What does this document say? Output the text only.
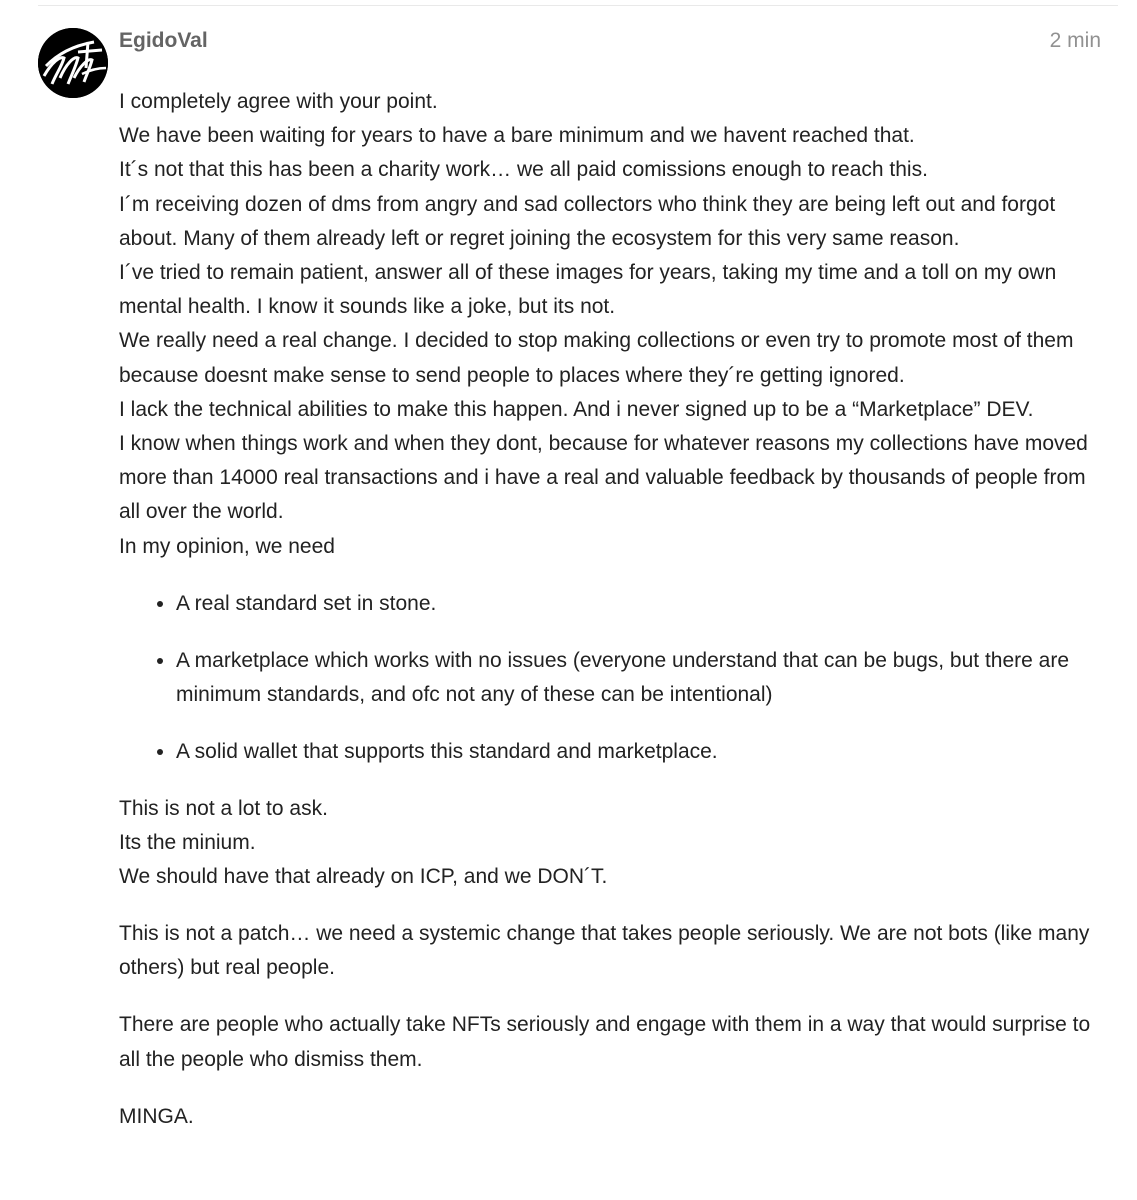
EgidoVal	2 min

I completely agree with your point.
We have been waiting for years to have a bare minimum and we havent reached that.
It´s not that this has been a charity work… we all paid comissions enough to reach this.
I´m receiving dozen of dms from angry and sad collectors who think they are being left out and forgot about. Many of them already left or regret joining the ecosystem for this very same reason.
I´ve tried to remain patient, answer all of these images for years, taking my time and a toll on my own mental health. I know it sounds like a joke, but its not.
We really need a real change. I decided to stop making collections or even try to promote most of them because doesnt make sense to send people to places where they´re getting ignored.
I lack the technical abilities to make this happen. And i never signed up to be a “Marketplace” DEV.
I know when things work and when they dont, because for whatever reasons my collections have moved more than 14000 real transactions and i have a real and valuable feedback by thousands of people from all over the world.
In my opinion, we need

• A real standard set in stone.
• A marketplace which works with no issues (everyone understand that can be bugs, but there are minimum standards, and ofc not any of these can be intentional)
• A solid wallet that supports this standard and marketplace.

This is not a lot to ask.
Its the minium.
We should have that already on ICP, and we DON´T.

This is not a patch… we need a systemic change that takes people seriously. We are not bots (like many others) but real people.

There are people who actually take NFTs seriously and engage with them in a way that would surprise to all the people who dismiss them.

MINGA.
